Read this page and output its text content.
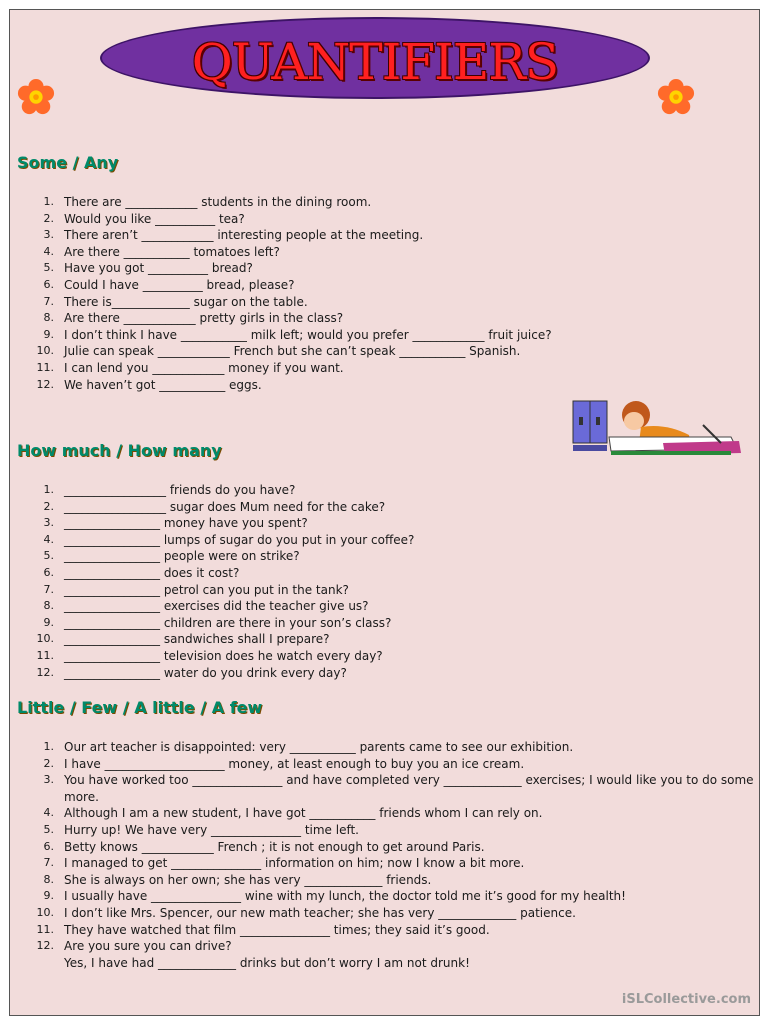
QUANTIFIERS
Some / Any
1. There are ____________ students in the dining room.
2. Would you like __________ tea?
3. There aren’t ____________ interesting people at the meeting.
4. Are there ___________ tomatoes left?
5. Have you got __________ bread?
6. Could I have __________ bread, please?
7. There is_____________ sugar on the table.
8. Are there ____________ pretty girls in the class?
9. I don’t think I have ___________ milk left; would you prefer ____________ fruit juice?
10. Julie can speak ____________ French but she can’t speak ___________ Spanish.
11. I can lend you ____________ money if you want.
12. We haven’t got ___________ eggs.
How much / How many
1. _________________ friends do you have?
2. _________________ sugar does Mum need for the cake?
3. ________________ money have you spent?
4. ________________ lumps of sugar do you put in your coffee?
5. ________________ people were on strike?
6. ________________ does it cost?
7. ________________ petrol can you put in the tank?
8. ________________ exercises did the teacher give us?
9. ________________ children are there in your son’s class?
10. ________________ sandwiches shall I prepare?
11. ________________ television does he watch every day?
12. ________________ water do you drink every day?
Little / Few / A little / A few
1. Our art teacher is disappointed: very ___________ parents came to see our exhibition.
2. I have ____________________ money, at least enough to buy you an ice cream.
3. You have worked too _______________ and have completed very _____________ exercises; I would like you to do some more.
4. Although I am a new student, I have got ___________ friends whom I can rely on.
5. Hurry up! We have very _______________ time left.
6. Betty knows ____________ French ; it is not enough to get around Paris.
7. I managed to get _______________ information on him; now I know a bit more.
8. She is always on her own; she has very _____________ friends.
9. I usually have _______________ wine with my lunch, the doctor told me it’s good for my health!
10. I don’t like Mrs. Spencer, our new math teacher; she has very _____________ patience.
11. They have watched that film _______________ times; they said it’s good.
12. Are you sure you can drive?
Yes, I have had _____________ drinks but don’t worry I am not drunk!
iSLCollective.com
